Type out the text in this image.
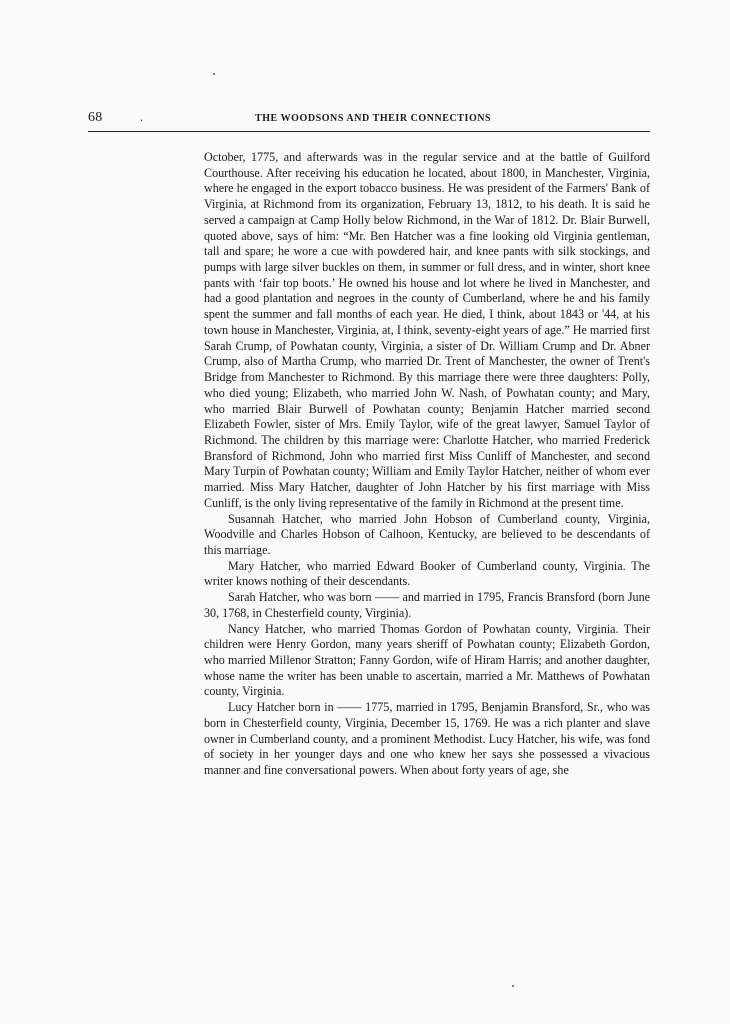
68	.	THE WOODSONS AND THEIR CONNECTIONS

October, 1775, and afterwards was in the regular service and at the battle of Guilford Courthouse. After receiving his education he located, about 1800, in Manchester, Virginia, where he engaged in the export tobacco business. He was president of the Farmers' Bank of Virginia, at Richmond from its organization, February 13, 1812, to his death. It is said he served a campaign at Camp Holly below Richmond, in the War of 1812. Dr. Blair Burwell, quoted above, says of him: “Mr. Ben Hatcher was a fine looking old Virginia gentleman, tall and spare; he wore a cue with powdered hair, and knee pants with silk stockings, and pumps with large silver buckles on them, in summer or full dress, and in winter, short knee pants with ‘fair top boots.’ He owned his house and lot where he lived in Manchester, and had a good plantation and negroes in the county of Cumberland, where he and his family spent the summer and fall months of each year. He died, I think, about 1843 or '44, at his town house in Manchester, Virginia, at, I think, seventy-eight years of age.” He married first Sarah Crump, of Powhatan county, Virginia, a sister of Dr. William Crump and Dr. Abner Crump, also of Martha Crump, who married Dr. Trent of Manchester, the owner of Trent's Bridge from Manchester to Richmond. By this marriage there were three daughters: Polly, who died young; Elizabeth, who married John W. Nash, of Powhatan county; and Mary, who married Blair Burwell of Powhatan county; Benjamin Hatcher married second Elizabeth Fowler, sister of Mrs. Emily Taylor, wife of the great lawyer, Samuel Taylor of Richmond. The children by this marriage were: Charlotte Hatcher, who married Frederick Bransford of Richmond, John who married first Miss Cunliff of Manchester, and second Mary Turpin of Powhatan county; William and Emily Taylor Hatcher, neither of whom ever married. Miss Mary Hatcher, daughter of John Hatcher by his first marriage with Miss Cunliff, is the only living representative of the family in Richmond at the present time.

Susannah Hatcher, who married John Hobson of Cumberland county, Virginia, Woodville and Charles Hobson of Calhoon, Kentucky, are believed to be descendants of this marriage.

Mary Hatcher, who married Edward Booker of Cumberland county, Virginia. The writer knows nothing of their descendants.

Sarah Hatcher, who was born —— and married in 1795, Francis Bransford (born June 30, 1768, in Chesterfield county, Virginia).

Nancy Hatcher, who married Thomas Gordon of Powhatan county, Virginia. Their children were Henry Gordon, many years sheriff of Powhatan county; Elizabeth Gordon, who married Millenor Stratton; Fanny Gordon, wife of Hiram Harris; and another daughter, whose name the writer has been unable to ascertain, married a Mr. Matthews of Powhatan county, Virginia.

Lucy Hatcher born in —— 1775, married in 1795, Benjamin Bransford, Sr., who was born in Chesterfield county, Virginia, December 15, 1769. He was a rich planter and slave owner in Cumberland county, and a prominent Methodist. Lucy Hatcher, his wife, was fond of society in her younger days and one who knew her says she possessed a vivacious manner and fine conversational powers. When about forty years of age, she
